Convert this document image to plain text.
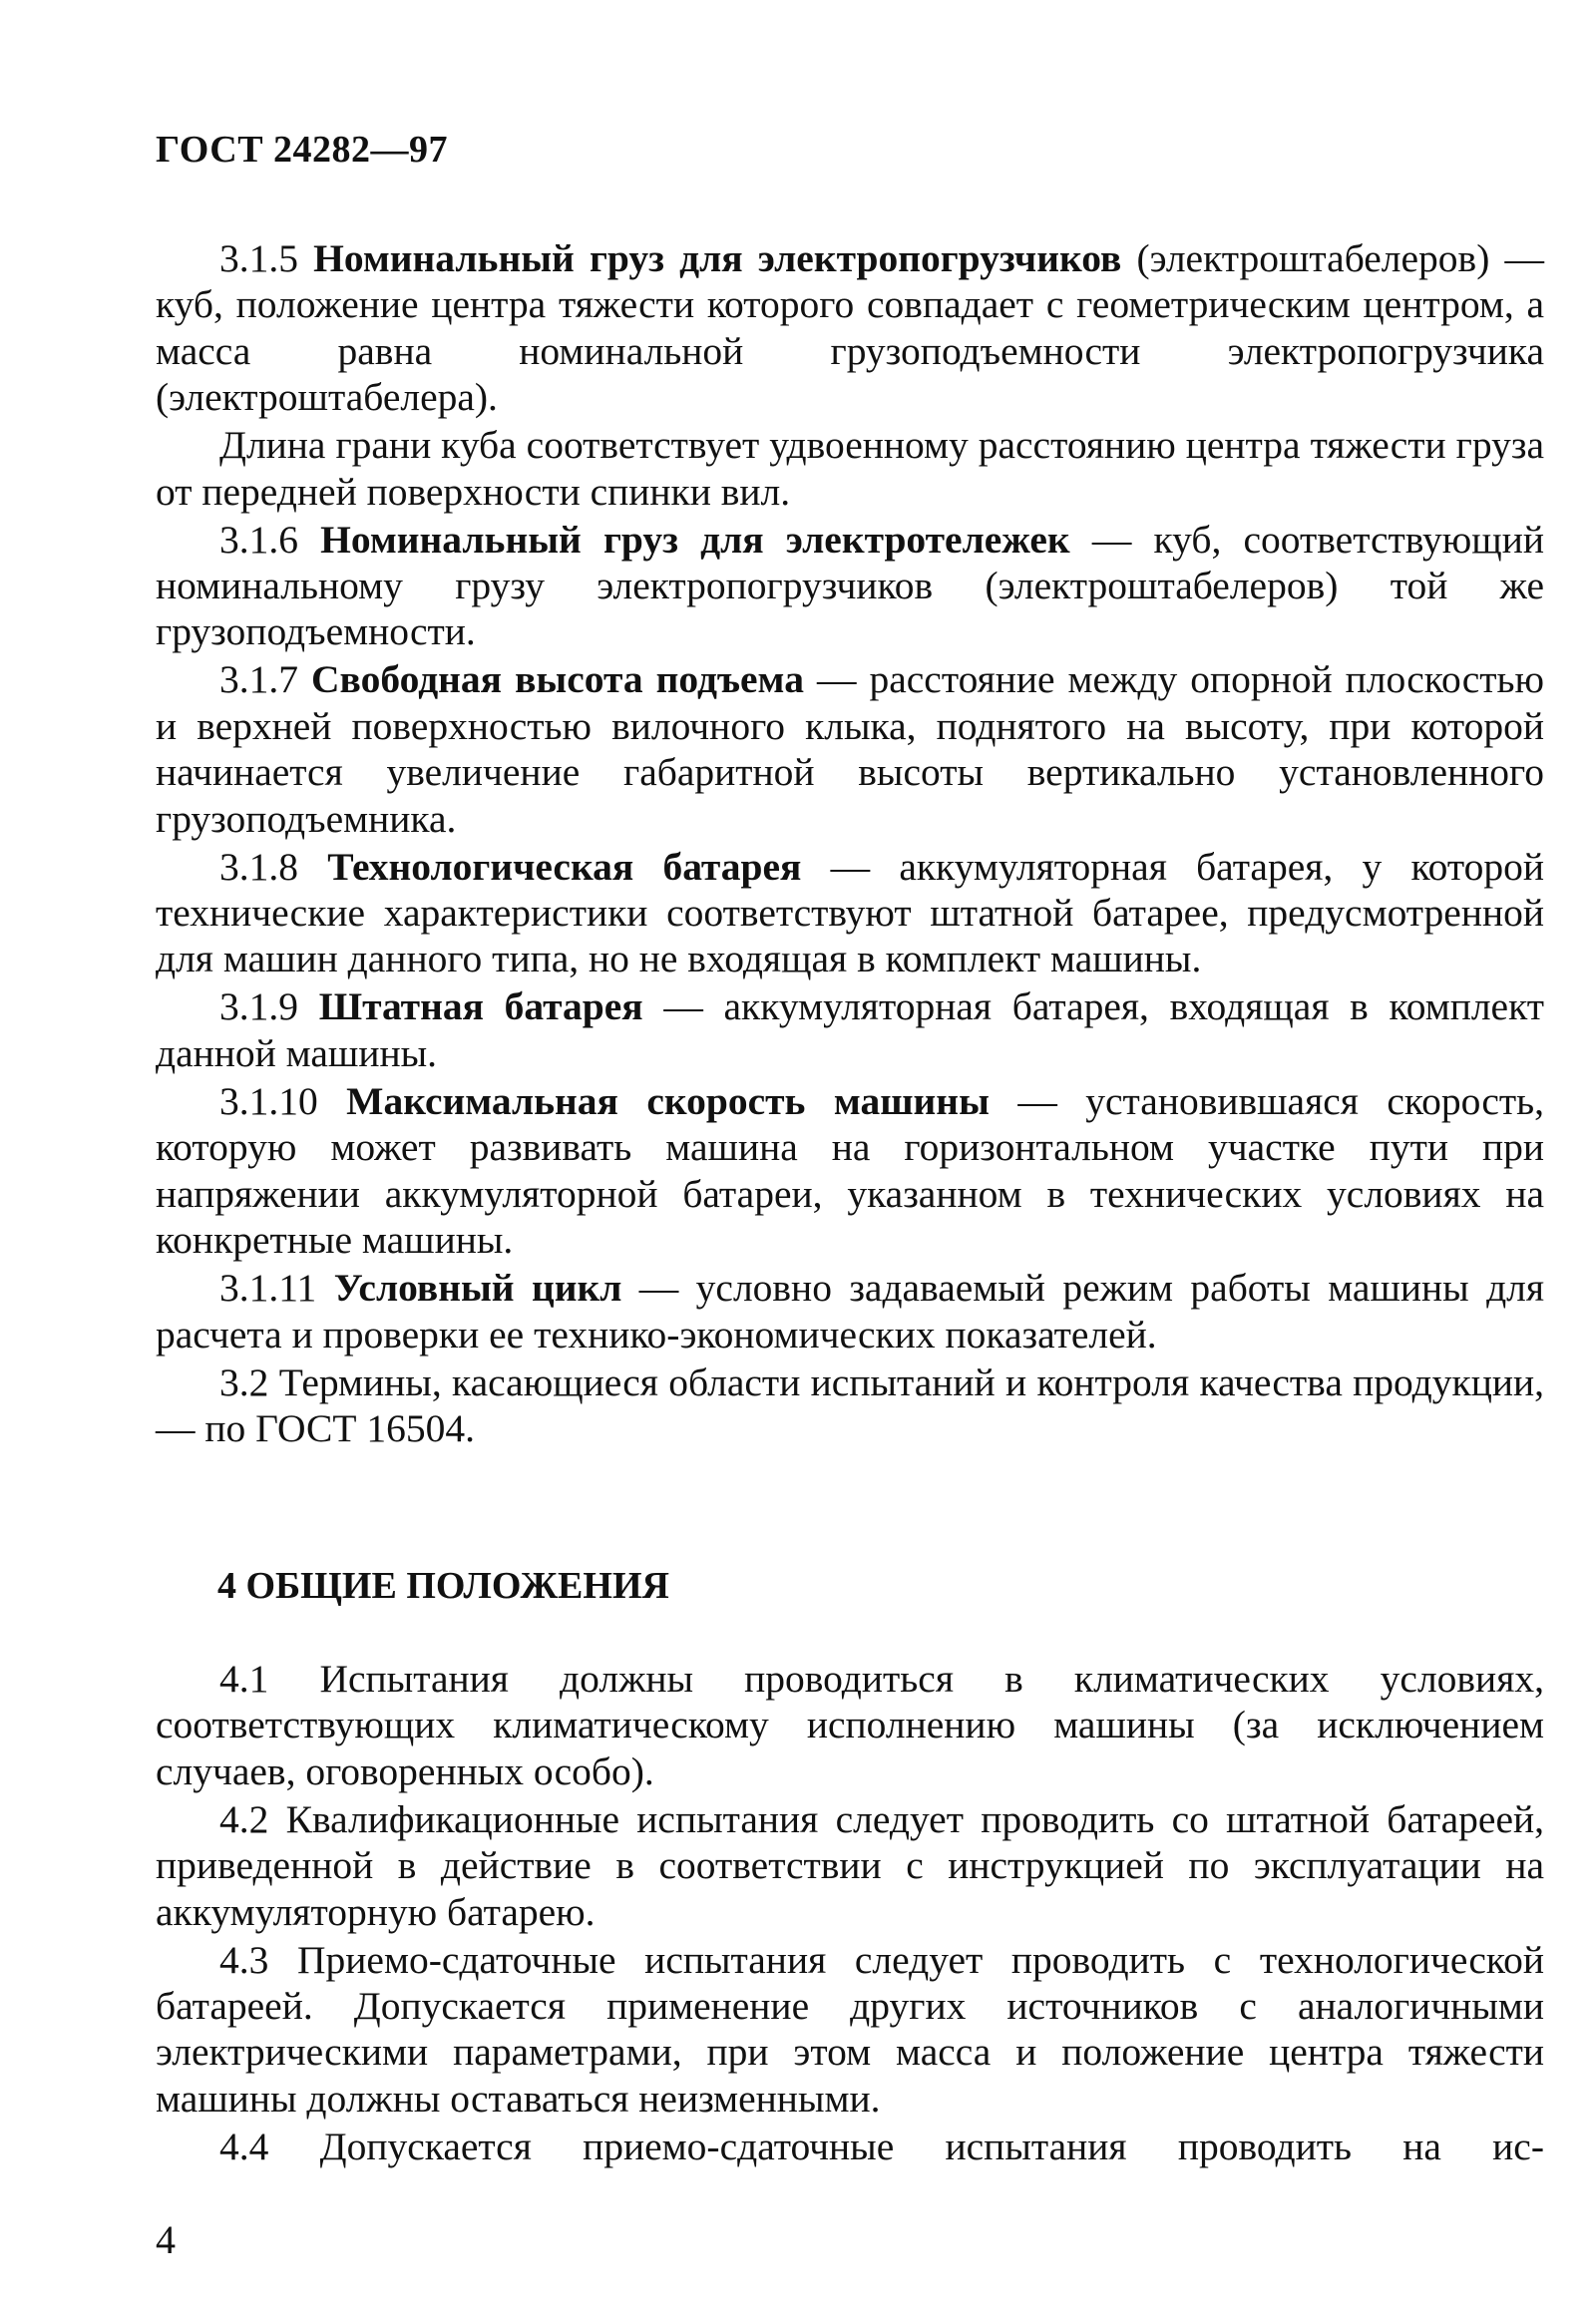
ГОСТ 24282—97

3.1.5 Номинальный груз для электропогрузчиков (электроштабелеров) — куб, положение центра тяжести которого совпадает с геометрическим центром, а масса равна номинальной грузоподъемности электропогрузчика (электроштабелера).

Длина грани куба соответствует удвоенному расстоянию центра тяжести груза от передней поверхности спинки вил.

3.1.6 Номинальный груз для электротележек — куб, соответствующий номинальному грузу электропогрузчиков (электроштабелеров) той же грузоподъемности.

3.1.7 Свободная высота подъема — расстояние между опорной плоскостью и верхней поверхностью вилочного клыка, поднятого на высоту, при которой начинается увеличение габаритной высоты вертикально установленного грузоподъемника.

3.1.8 Технологическая батарея — аккумуляторная батарея, у которой технические характеристики соответствуют штатной батарее, предусмотренной для машин данного типа, но не входящая в комплект машины.

3.1.9 Штатная батарея — аккумуляторная батарея, входящая в комплект данной машины.

3.1.10 Максимальная скорость машины — установившаяся скорость, которую может развивать машина на горизонтальном участке пути при напряжении аккумуляторной батареи, указанном в технических условиях на конкретные машины.

3.1.11 Условный цикл — условно задаваемый режим работы машины для расчета и проверки ее технико-экономических показателей.

3.2 Термины, касающиеся области испытаний и контроля качества продукции, — по ГОСТ 16504.

4 ОБЩИЕ ПОЛОЖЕНИЯ

4.1 Испытания должны проводиться в климатических условиях, соответствующих климатическому исполнению машины (за исключением случаев, оговоренных особо).

4.2 Квалификационные испытания следует проводить со штатной батареей, приведенной в действие в соответствии с инструкцией по эксплуатации на аккумуляторную батарею.

4.3 Приемо-сдаточные испытания следует проводить с технологической батареей. Допускается применение других источников с аналогичными электрическими параметрами, при этом масса и положение центра тяжести машины должны оставаться неизменными.

4.4 Допускается приемо-сдаточные испытания проводить на ис-

4
